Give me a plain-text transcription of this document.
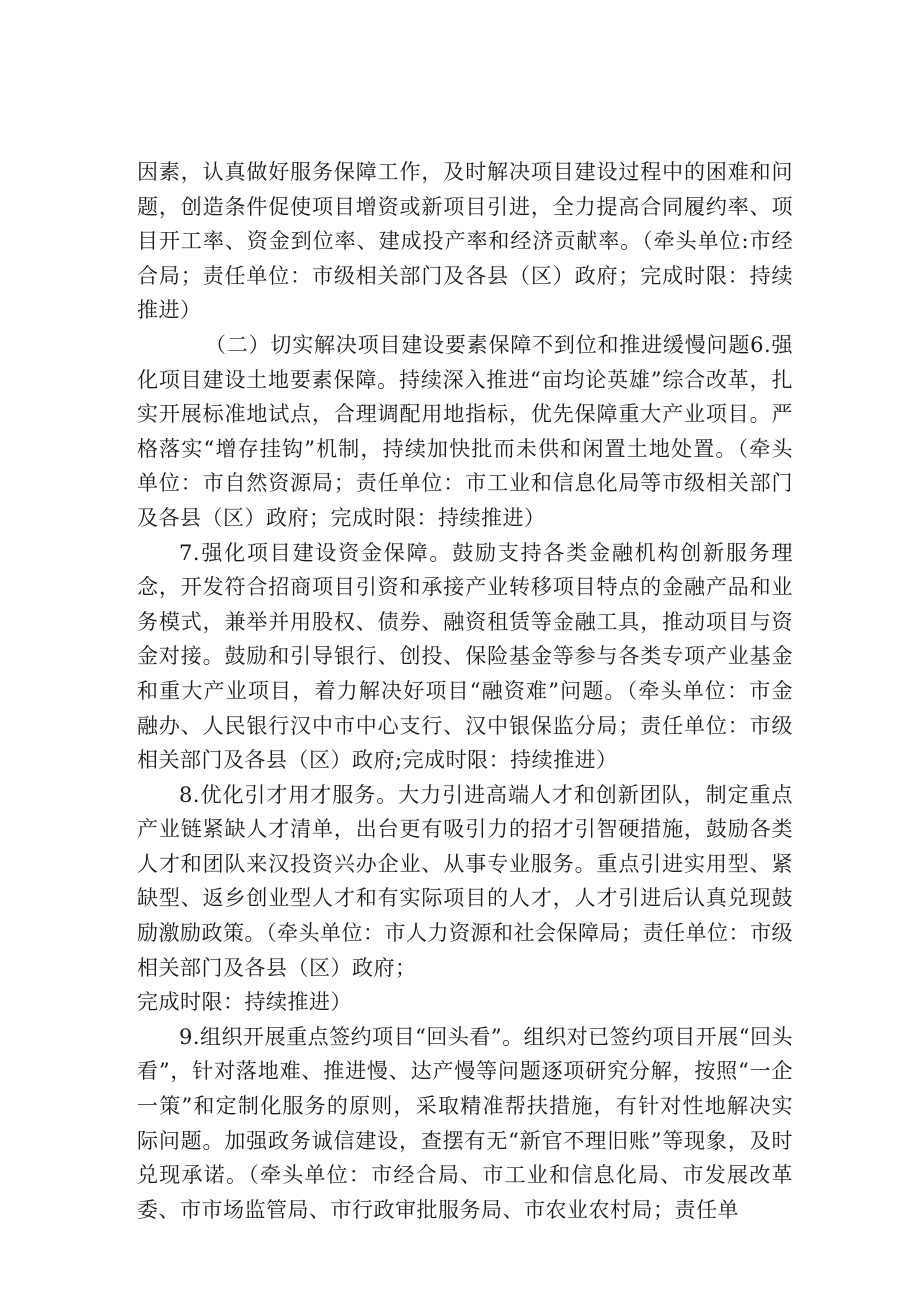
因素，认真做好服务保障工作，及时解决项目建设过程中的困难和问题，创造条件促使项目增资或新项目引进，全力提高合同履约率、项目开工率、资金到位率、建成投产率和经济贡献率。（牵头单位:市经合局；责任单位：市级相关部门及各县（区）政府；完成时限：持续推进）

（二）切实解决项目建设要素保障不到位和推进缓慢问题6.强化项目建设土地要素保障。持续深入推进“亩均论英雄”综合改革，扎实开展标准地试点，合理调配用地指标，优先保障重大产业项目。严格落实“增存挂钩”机制，持续加快批而未供和闲置土地处置。（牵头单位：市自然资源局；责任单位：市工业和信息化局等市级相关部门及各县（区）政府；完成时限：持续推进）

7.强化项目建设资金保障。鼓励支持各类金融机构创新服务理念，开发符合招商项目引资和承接产业转移项目特点的金融产品和业务模式，兼举并用股权、债券、融资租赁等金融工具，推动项目与资金对接。鼓励和引导银行、创投、保险基金等参与各类专项产业基金和重大产业项目，着力解决好项目“融资难”问题。（牵头单位：市金融办、人民银行汉中市中心支行、汉中银保监分局；责任单位：市级相关部门及各县（区）政府;完成时限：持续推进）

8.优化引才用才服务。大力引进高端人才和创新团队，制定重点产业链紧缺人才清单，出台更有吸引力的招才引智硬措施，鼓励各类人才和团队来汉投资兴办企业、从事专业服务。重点引进实用型、紧缺型、返乡创业型人才和有实际项目的人才，人才引进后认真兑现鼓励激励政策。（牵头单位：市人力资源和社会保障局；责任单位：市级相关部门及各县（区）政府；

完成时限：持续推进）

9.组织开展重点签约项目“回头看”。组织对已签约项目开展“回头看”，针对落地难、推进慢、达产慢等问题逐项研究分解，按照“一企一策”和定制化服务的原则，采取精准帮扶措施，有针对性地解决实际问题。加强政务诚信建设，查摆有无“新官不理旧账”等现象，及时兑现承诺。（牵头单位：市经合局、市工业和信息化局、市发展改革委、市市场监管局、市行政审批服务局、市农业农村局；责任单
